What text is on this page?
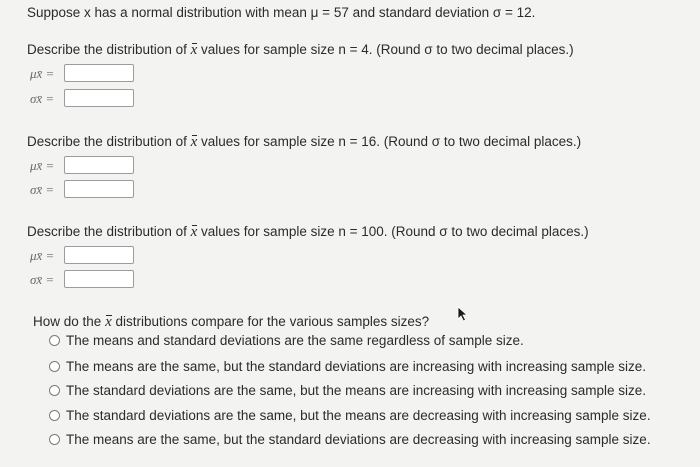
Suppose x has a normal distribution with mean μ = 57 and standard deviation σ = 12.
Describe the distribution of x values for sample size n = 4. (Round σ to two decimal places.)
μx̄ =
σx̄ =
Describe the distribution of x values for sample size n = 16. (Round σ to two decimal places.)
μx̄ =
σx̄ =
Describe the distribution of x values for sample size n = 100. (Round σ to two decimal places.)
μx̄ =
σx̄ =
How do the x distributions compare for the various samples sizes?
The means and standard deviations are the same regardless of sample size.
The means are the same, but the standard deviations are increasing with increasing sample size.
The standard deviations are the same, but the means are increasing with increasing sample size.
The standard deviations are the same, but the means are decreasing with increasing sample size.
The means are the same, but the standard deviations are decreasing with increasing sample size.
